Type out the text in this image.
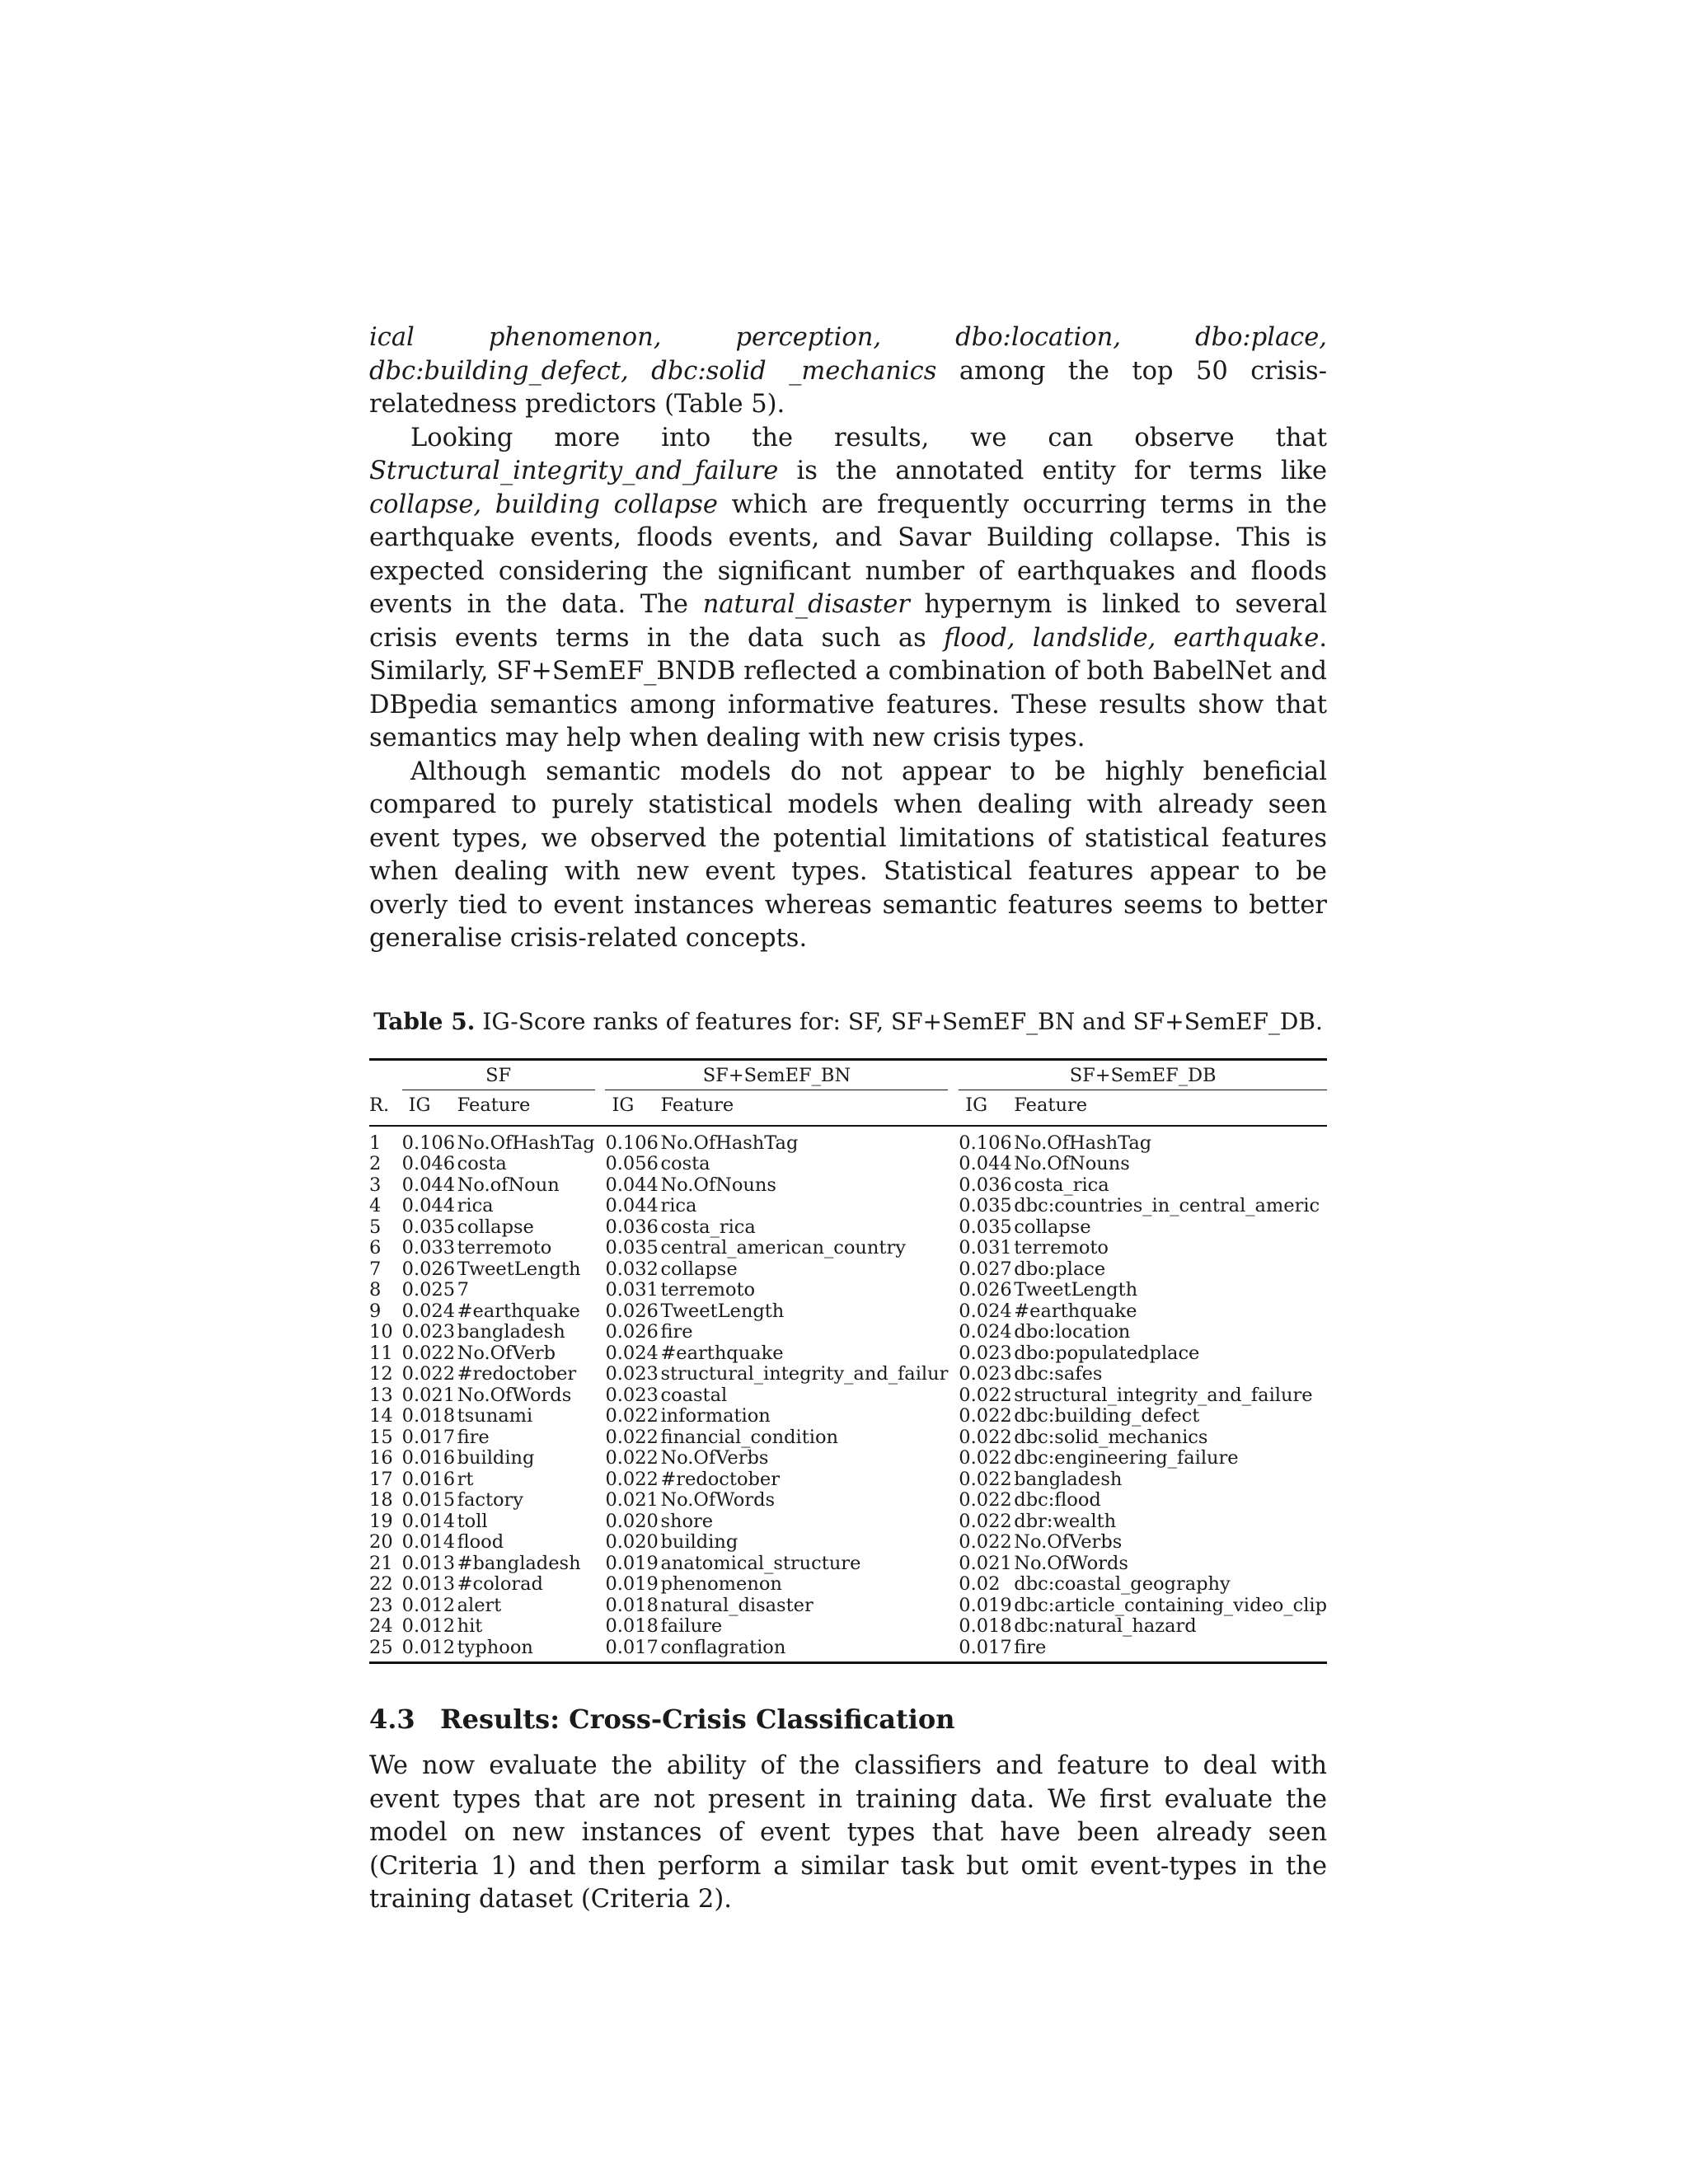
ical phenomenon, perception, dbo:location, dbo:place, dbc:building_defect, dbc:solid _mechanics among the top 50 crisis-relatedness predictors (Table 5).

Looking more into the results, we can observe that Structural_integrity_and_failure is the annotated entity for terms like collapse, building collapse which are frequently occurring terms in the earthquake events, floods events, and Savar Building collapse. This is expected considering the significant number of earthquakes and floods events in the data. The natural_disaster hypernym is linked to several crisis events terms in the data such as flood, landslide, earthquake. Similarly, SF+SemEF_BNDB reflected a combination of both BabelNet and DBpedia semantics among informative features. These results show that semantics may help when dealing with new crisis types.

Although semantic models do not appear to be highly beneficial compared to purely statistical models when dealing with already seen event types, we observed the potential limitations of statistical features when dealing with new event types. Statistical features appear to be overly tied to event instances whereas semantic features seems to better generalise crisis-related concepts.

Table 5. IG-Score ranks of features for: SF, SF+SemEF_BN and SF+SemEF_DB.
	SF			SF+SemEF_BN			SF+SemEF_DB	
R.	IG	Feature		IG	Feature		IG	Feature

1	0.106	No.OfHashTag		0.106	No.OfHashTag		0.106	No.OfHashTag
2	0.046	costa		0.056	costa		0.044	No.OfNouns
3	0.044	No.ofNoun		0.044	No.OfNouns		0.036	costa_rica
4	0.044	rica		0.044	rica		0.035	dbc:countries_in_central_americ
5	0.035	collapse		0.036	costa_rica		0.035	collapse
6	0.033	terremoto		0.035	central_american_country		0.031	terremoto
7	0.026	TweetLength		0.032	collapse		0.027	dbo:place
8	0.025	7		0.031	terremoto		0.026	TweetLength
9	0.024	#earthquake		0.026	TweetLength		0.024	#earthquake
10	0.023	bangladesh		0.026	fire		0.024	dbo:location
11	0.022	No.OfVerb		0.024	#earthquake		0.023	dbo:populatedplace
12	0.022	#redoctober		0.023	structural_integrity_and_failur		0.023	dbc:safes
13	0.021	No.OfWords		0.023	coastal		0.022	structural_integrity_and_failure
14	0.018	tsunami		0.022	information		0.022	dbc:building_defect
15	0.017	fire		0.022	financial_condition		0.022	dbc:solid_mechanics
16	0.016	building		0.022	No.OfVerbs		0.022	dbc:engineering_failure
17	0.016	rt		0.022	#redoctober		0.022	bangladesh
18	0.015	factory		0.021	No.OfWords		0.022	dbc:flood
19	0.014	toll		0.020	shore		0.022	dbr:wealth
20	0.014	flood		0.020	building		0.022	No.OfVerbs
21	0.013	#bangladesh		0.019	anatomical_structure		0.021	No.OfWords
22	0.013	#colorad		0.019	phenomenon		0.02	dbc:coastal_geography
23	0.012	alert		0.018	natural_disaster		0.019	dbc:article_containing_video_clip
24	0.012	hit		0.018	failure		0.018	dbc:natural_hazard
25	0.012	typhoon		0.017	conflagration		0.017	fire

4.3 Results: Cross-Crisis Classification

We now evaluate the ability of the classifiers and feature to deal with event types that are not present in training data. We first evaluate the model on new instances of event types that have been already seen (Criteria 1) and then perform a similar task but omit event-types in the training dataset (Criteria 2).
